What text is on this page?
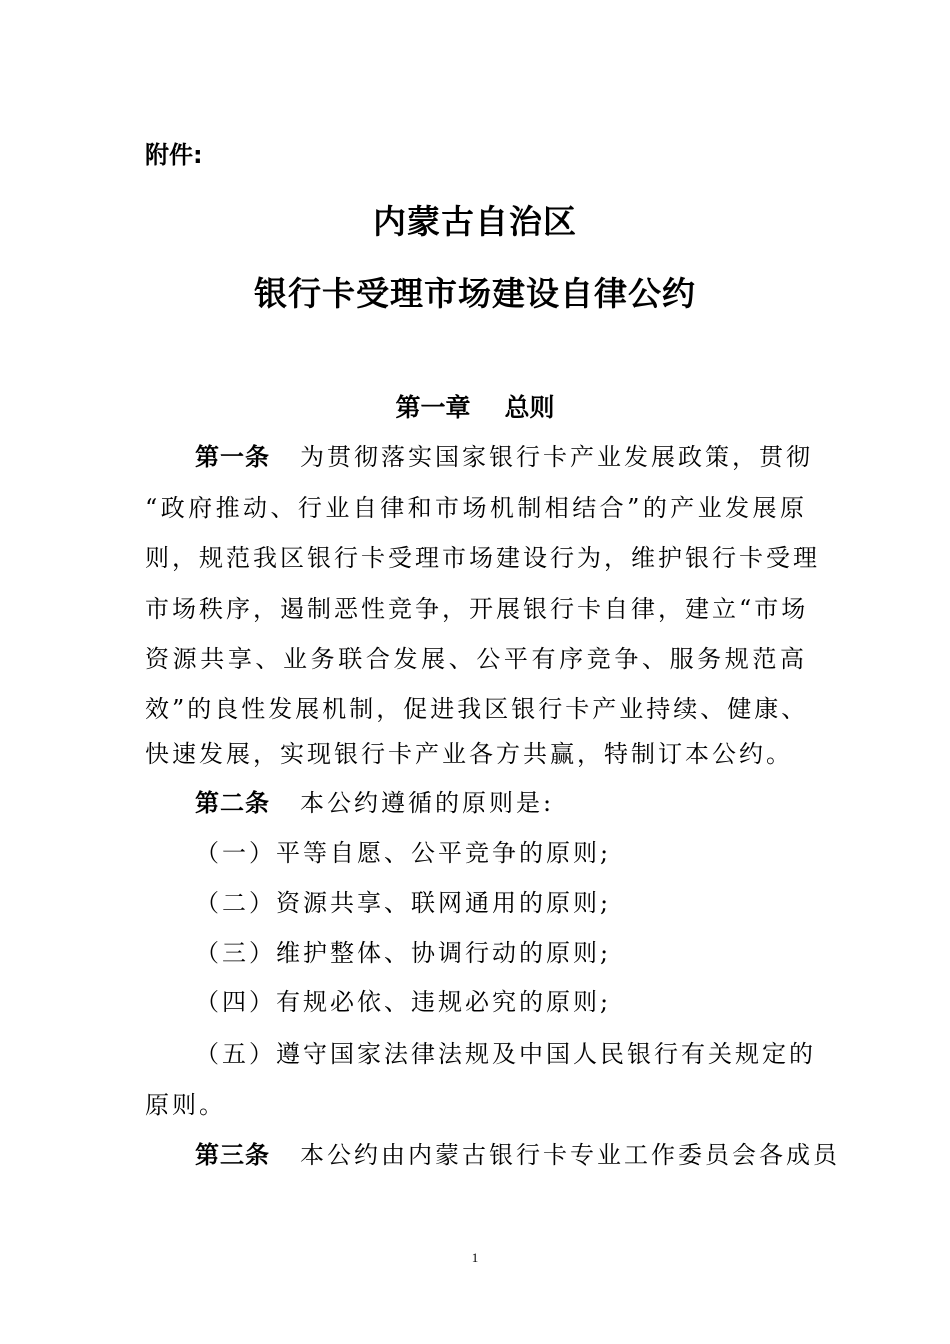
附件:
内蒙古自治区
银行卡受理市场建设自律公约
第一章 总则
第一条 为贯彻落实国家银行卡产业发展政策，贯彻
“政府推动、行业自律和市场机制相结合”的产业发展原
则，规范我区银行卡受理市场建设行为，维护银行卡受理
市场秩序，遏制恶性竞争，开展银行卡自律，建立“市场
资源共享、业务联合发展、公平有序竞争、服务规范高
效”的良性发展机制，促进我区银行卡产业持续、健康、
快速发展，实现银行卡产业各方共赢，特制订本公约。
第二条 本公约遵循的原则是:
（一）平等自愿、公平竞争的原则;
（二）资源共享、联网通用的原则;
（三）维护整体、协调行动的原则;
（四）有规必依、违规必究的原则;
（五）遵守国家法律法规及中国人民银行有关规定的
原则。
第三条 本公约由内蒙古银行卡专业工作委员会各成员
1
